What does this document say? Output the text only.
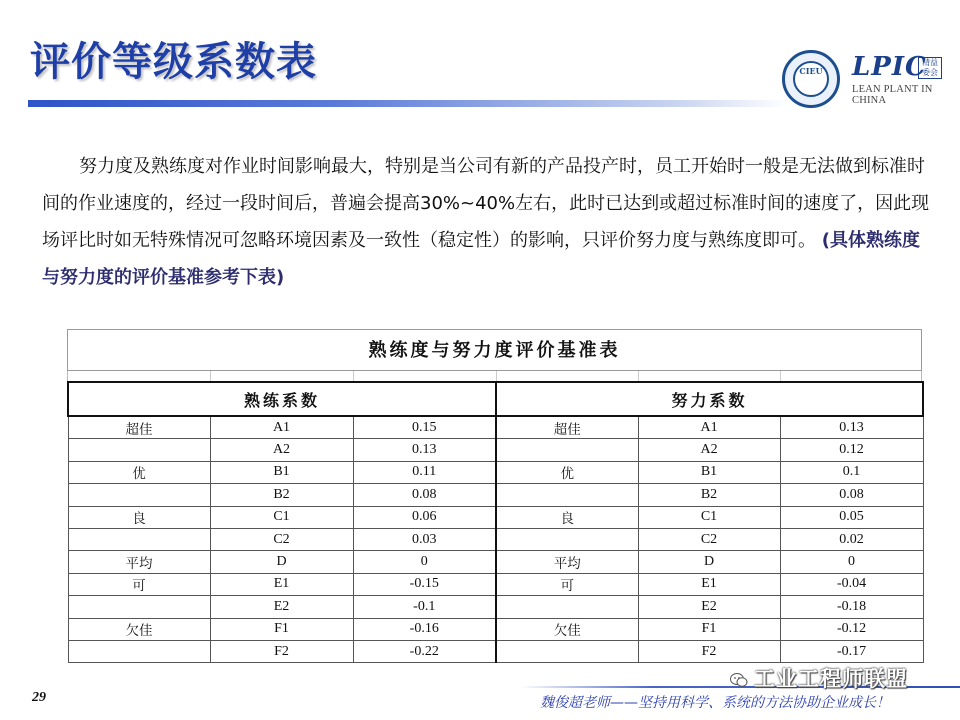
评价等级系数表	CIEU	LPIC
精益委会
LEAN PLANT IN CHINA
努力度及熟练度对作业时间影响最大，特别是当公司有新的产品投产时，员工开始时一般是无法做到标准时间的作业速度的，经过一段时间后，普遍会提高30%~40%左右，此时已达到或超过标准时间的速度了，因此现场评比时如无特殊情况可忽略环境因素及一致性（稳定性）的影响，只评价努力度与熟练度即可。 (具体熟练度与努力度的评价基准参考下表)
熟练度与努力度评价基准表
熟练系数			努力系数		
超佳	A1	0.15	超佳	A1	0.13
	A2	0.13		A2	0.12
优	B1	0.11	优	B1	0.1
	B2	0.08		B2	0.08
良	C1	0.06	良	C1	0.05
	C2	0.03		C2	0.02
平均	D	0	平均	D	0
可	E1	-0.15	可	E1	-0.04
	E2	-0.1		E2	-0.18
欠佳	F1	-0.16	欠佳	F1	-0.12
	F2	-0.22		F2	-0.17
29	魏俊超老师——坚持用科学、系统的方法协助企业成长！
工业工程师联盟
